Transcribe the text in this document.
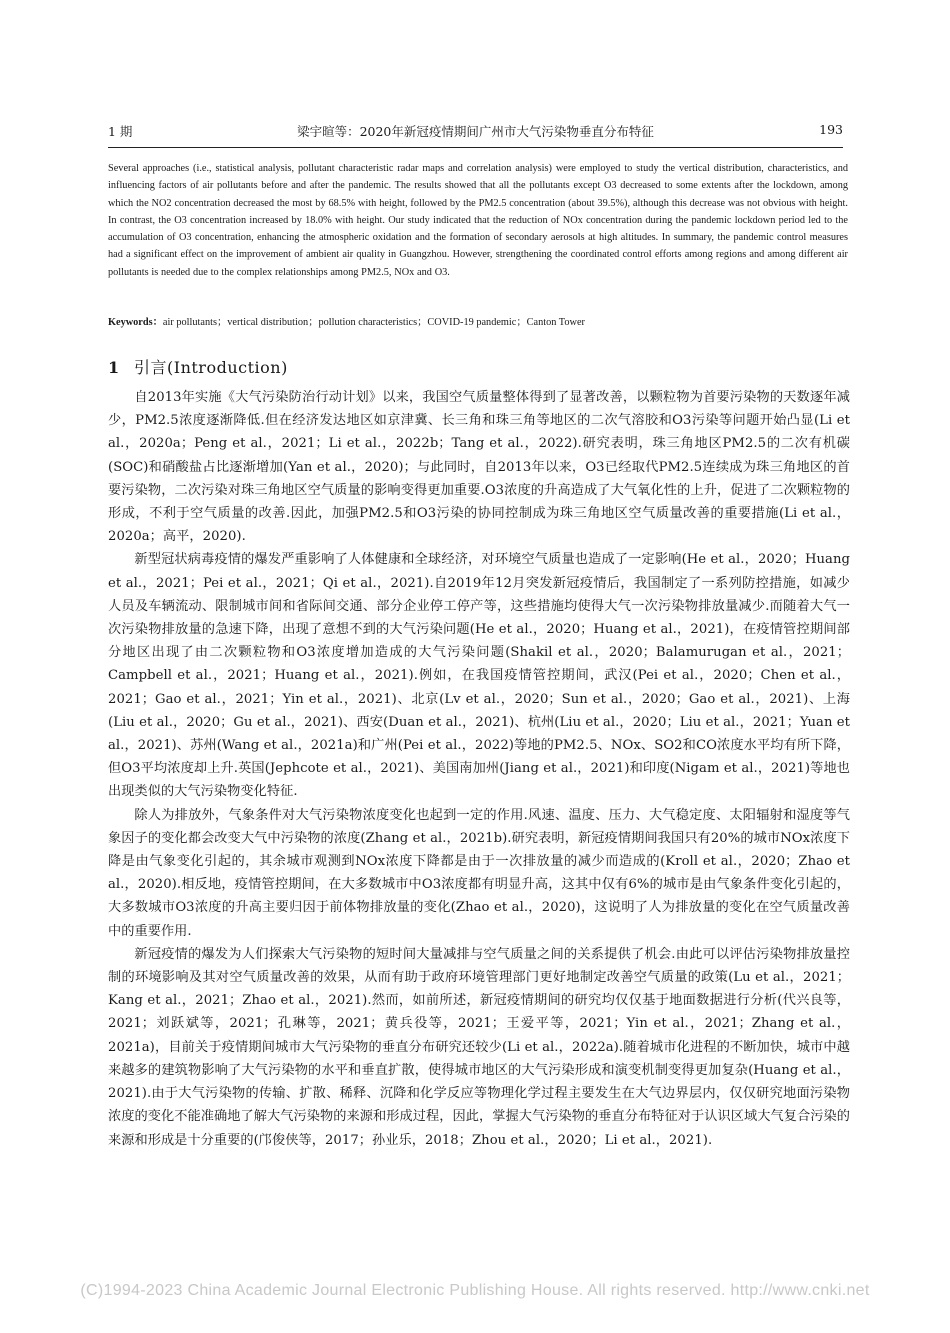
1 期	梁宇暄等：2020年新冠疫情期间广州市大气污染物垂直分布特征	193
Several approaches (i.e., statistical analysis, pollutant characteristic radar maps and correlation analysis) were employed to study the vertical distribution, characteristics, and influencing factors of air pollutants before and after the pandemic. The results showed that all the pollutants except O3 decreased to some extents after the lockdown, among which the NO2 concentration decreased the most by 68.5% with height, followed by the PM2.5 concentration (about 39.5%), although this decrease was not obvious with height. In contrast, the O3 concentration increased by 18.0% with height. Our study indicated that the reduction of NOx concentration during the pandemic lockdown period led to the accumulation of O3 concentration, enhancing the atmospheric oxidation and the formation of secondary aerosols at high altitudes. In summary, the pandemic control measures had a significant effect on the improvement of ambient air quality in Guangzhou. However, strengthening the coordinated control efforts among regions and among different air pollutants is needed due to the complex relationships among PM2.5, NOx and O3.
Keywords：air pollutants；vertical distribution；pollution characteristics；COVID-19 pandemic；Canton Tower
1 引言(Introduction)

自2013年实施《大气污染防治行动计划》以来，我国空气质量整体得到了显著改善，以颗粒物为首要污染物的天数逐年减少，PM2.5浓度逐渐降低.但在经济发达地区如京津冀、长三角和珠三角等地区的二次气溶胶和O3污染等问题开始凸显(Li et al.，2020a；Peng et al.，2021；Li et al.，2022b；Tang et al.，2022).研究表明，珠三角地区PM2.5的二次有机碳(SOC)和硝酸盐占比逐渐增加(Yan et al.，2020)；与此同时，自2013年以来，O3已经取代PM2.5连续成为珠三角地区的首要污染物，二次污染对珠三角地区空气质量的影响变得更加重要.O3浓度的升高造成了大气氧化性的上升，促进了二次颗粒物的形成，不利于空气质量的改善.因此，加强PM2.5和O3污染的协同控制成为珠三角地区空气质量改善的重要措施(Li et al.，2020a；高平，2020).

新型冠状病毒疫情的爆发严重影响了人体健康和全球经济，对环境空气质量也造成了一定影响(He et al.，2020；Huang et al.，2021；Pei et al.，2021；Qi et al.，2021).自2019年12月突发新冠疫情后，我国制定了一系列防控措施，如减少人员及车辆流动、限制城市间和省际间交通、部分企业停工停产等，这些措施均使得大气一次污染物排放量减少.而随着大气一次污染物排放量的急速下降，出现了意想不到的大气污染问题(He et al.，2020；Huang et al.，2021)，在疫情管控期间部分地区出现了由二次颗粒物和O3浓度增加造成的大气污染问题(Shakil et al.，2020；Balamurugan et al.，2021；Campbell et al.，2021；Huang et al.，2021).例如，在我国疫情管控期间，武汉(Pei et al.，2020；Chen et al.，2021；Gao et al.，2021；Yin et al.，2021)、北京(Lv et al.，2020；Sun et al.，2020；Gao et al.，2021)、上海(Liu et al.，2020；Gu et al.，2021)、西安(Duan et al.，2021)、杭州(Liu et al.，2020；Liu et al.，2021；Yuan et al.，2021)、苏州(Wang et al.，2021a)和广州(Pei et al.，2022)等地的PM2.5、NOx、SO2和CO浓度水平均有所下降，但O3平均浓度却上升.英国(Jephcote et al.，2021)、美国南加州(Jiang et al.，2021)和印度(Nigam et al.，2021)等地也出现类似的大气污染物变化特征.

除人为排放外，气象条件对大气污染物浓度变化也起到一定的作用.风速、温度、压力、大气稳定度、太阳辐射和湿度等气象因子的变化都会改变大气中污染物的浓度(Zhang et al.，2021b).研究表明，新冠疫情期间我国只有20%的城市NOx浓度下降是由气象变化引起的，其余城市观测到NOx浓度下降都是由于一次排放量的减少而造成的(Kroll et al.，2020；Zhao et al.，2020).相反地，疫情管控期间，在大多数城市中O3浓度都有明显升高，这其中仅有6%的城市是由气象条件变化引起的，大多数城市O3浓度的升高主要归因于前体物排放量的变化(Zhao et al.，2020)，这说明了人为排放量的变化在空气质量改善中的重要作用.

新冠疫情的爆发为人们探索大气污染物的短时间大量减排与空气质量之间的关系提供了机会.由此可以评估污染物排放量控制的环境影响及其对空气质量改善的效果，从而有助于政府环境管理部门更好地制定改善空气质量的政策(Lu et al.，2021；Kang et al.，2021；Zhao et al.，2021).然而，如前所述，新冠疫情期间的研究均仅仅基于地面数据进行分析(代兴良等，2021；刘跃斌等，2021；孔琳等，2021；黄兵役等，2021；王爱平等，2021；Yin et al.，2021；Zhang et al.，2021a)，目前关于疫情期间城市大气污染物的垂直分布研究还较少(Li et al.，2022a).随着城市化进程的不断加快，城市中越来越多的建筑物影响了大气污染物的水平和垂直扩散，使得城市地区的大气污染形成和演变机制变得更加复杂(Huang et al.，2021).由于大气污染物的传输、扩散、稀释、沉降和化学反应等物理化学过程主要发生在大气边界层内，仅仅研究地面污染物浓度的变化不能准确地了解大气污染物的来源和形成过程，因此，掌握大气污染物的垂直分布特征对于认识区域大气复合污染的来源和形成是十分重要的(邝俊侠等，2017；孙业乐，2018；Zhou et al.，2020；Li et al.，2021).

(C)1994-2023 China Academic Journal Electronic Publishing House. All rights reserved. http://www.cnki.net
